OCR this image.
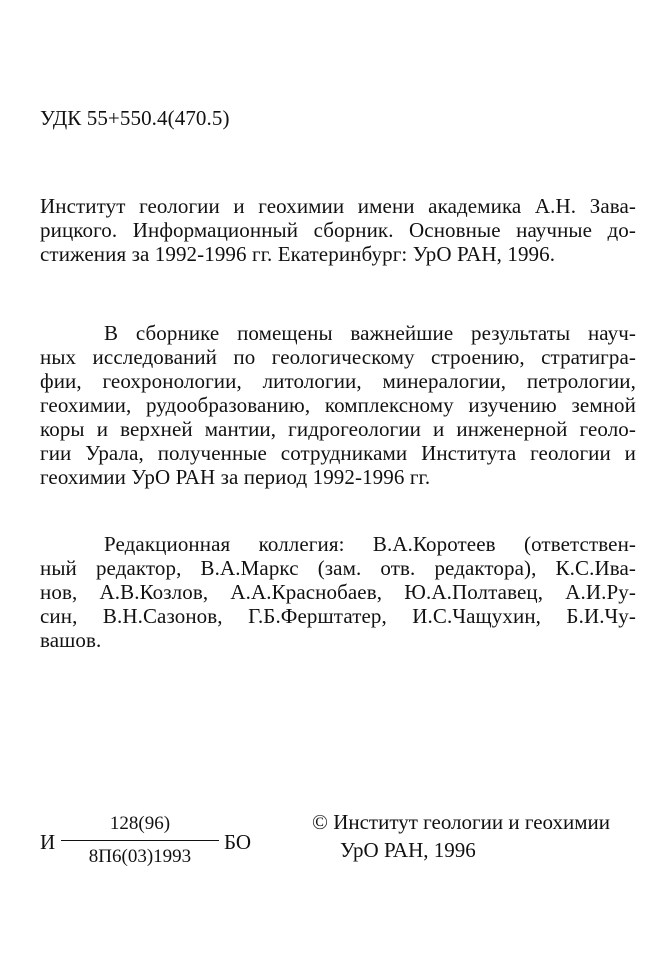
УДК 55+550.4(470.5)
Институт геологии и геохимии имени академика А.Н. Зава-
рицкого. Информационный сборник. Основные научные до-
стижения за 1992-1996 гг. Екатеринбург: УрО РАН, 1996.
В сборнике помещены важнейшие результаты науч-
ных исследований по геологическому строению, стратигра-
фии, геохронологии, литологии, минералогии, петрологии,
геохимии, рудообразованию, комплексному изучению земной
коры и верхней мантии, гидрогеологии и инженерной геоло-
гии Урала, полученные сотрудниками Института геологии и
геохимии УрО РАН за период 1992-1996 гг.
Редакционная коллегия: В.А.Коротеев (ответствен-
ный редактор, В.А.Маркс (зам. отв. редактора), К.С.Ива-
нов, А.В.Козлов, А.А.Краснобаев, Ю.А.Полтавец, А.И.Ру-
син, В.Н.Сазонов, Г.Б.Ферштатер, И.С.Чащухин, Б.И.Чу-
вашов.
И
128(96)
8П6(03)1993
БО
© Институт геологии и геохимии
УрО РАН, 1996
